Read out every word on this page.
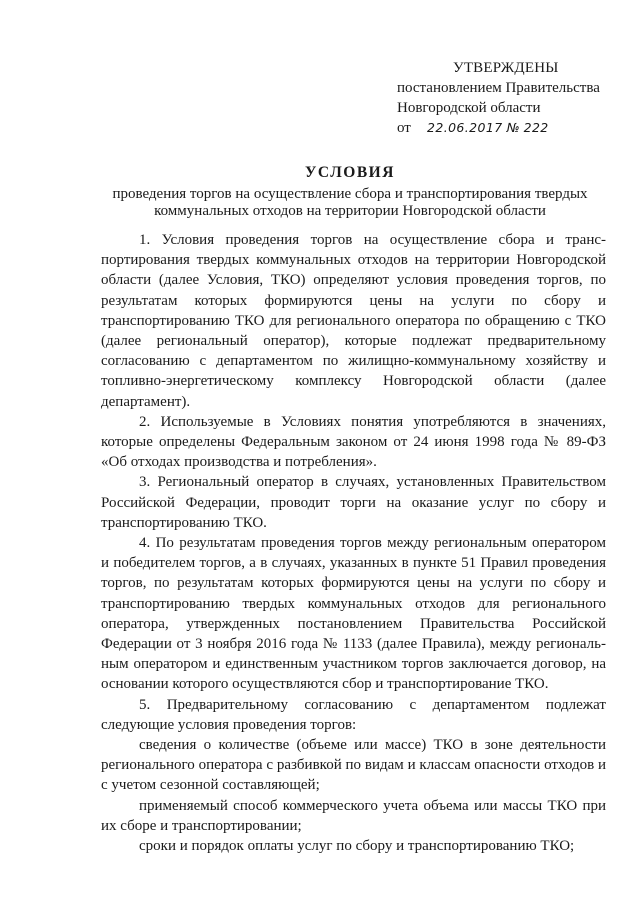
УТВЕРЖДЕНЫ
постановлением Правительства
Новгородской области
от	22.06.2017 № 222
УСЛОВИЯ
проведения торгов на осуществление сбора и транспортирования твердых коммунальных отходов на территории Новгородской области

1. Условия проведения торгов на осуществление сбора и транс-портирования твердых коммунальных отходов на территории Новгородской области (далее Условия, ТКО) определяют условия проведения торгов, по результатам которых формируются цены на услуги по сбору и транспортированию ТКО для регионального оператора по обращению с ТКО (далее региональный оператор), которые подлежат предварительному согласованию с департаментом по жилищно-коммунальному хозяйству и топливно-энергетическому комплексу Новгородской области (далее департамент).

2. Используемые в Условиях понятия употребляются в значениях, которые определены Федеральным законом от 24 июня 1998 года № 89-ФЗ «Об отходах производства и потребления».

3. Региональный оператор в случаях, установленных Правительством Российской Федерации, проводит торги на оказание услуг по сбору и транспортированию ТКО.

4. По результатам проведения торгов между региональным оператором и победителем торгов, а в случаях, указанных в пункте 51 Правил проведения торгов, по результатам которых формируются цены на услуги по сбору и транспортированию твердых коммунальных отходов для регионального оператора, утвержденных постановлением Правительства Российской Федерации от 3 ноября 2016 года № 1133 (далее Правила), между региональ-ным оператором и единственным участником торгов заключается договор, на основании которого осуществляются сбор и транспортирование ТКО.

5. Предварительному согласованию с департаментом подлежат следующие условия проведения торгов:

сведения о количестве (объеме или массе) ТКО в зоне деятельности регионального оператора с разбивкой по видам и классам опасности отходов и с учетом сезонной составляющей;

применяемый способ коммерческого учета объема или массы ТКО при их сборе и транспортировании;

сроки и порядок оплаты услуг по сбору и транспортированию ТКО;
